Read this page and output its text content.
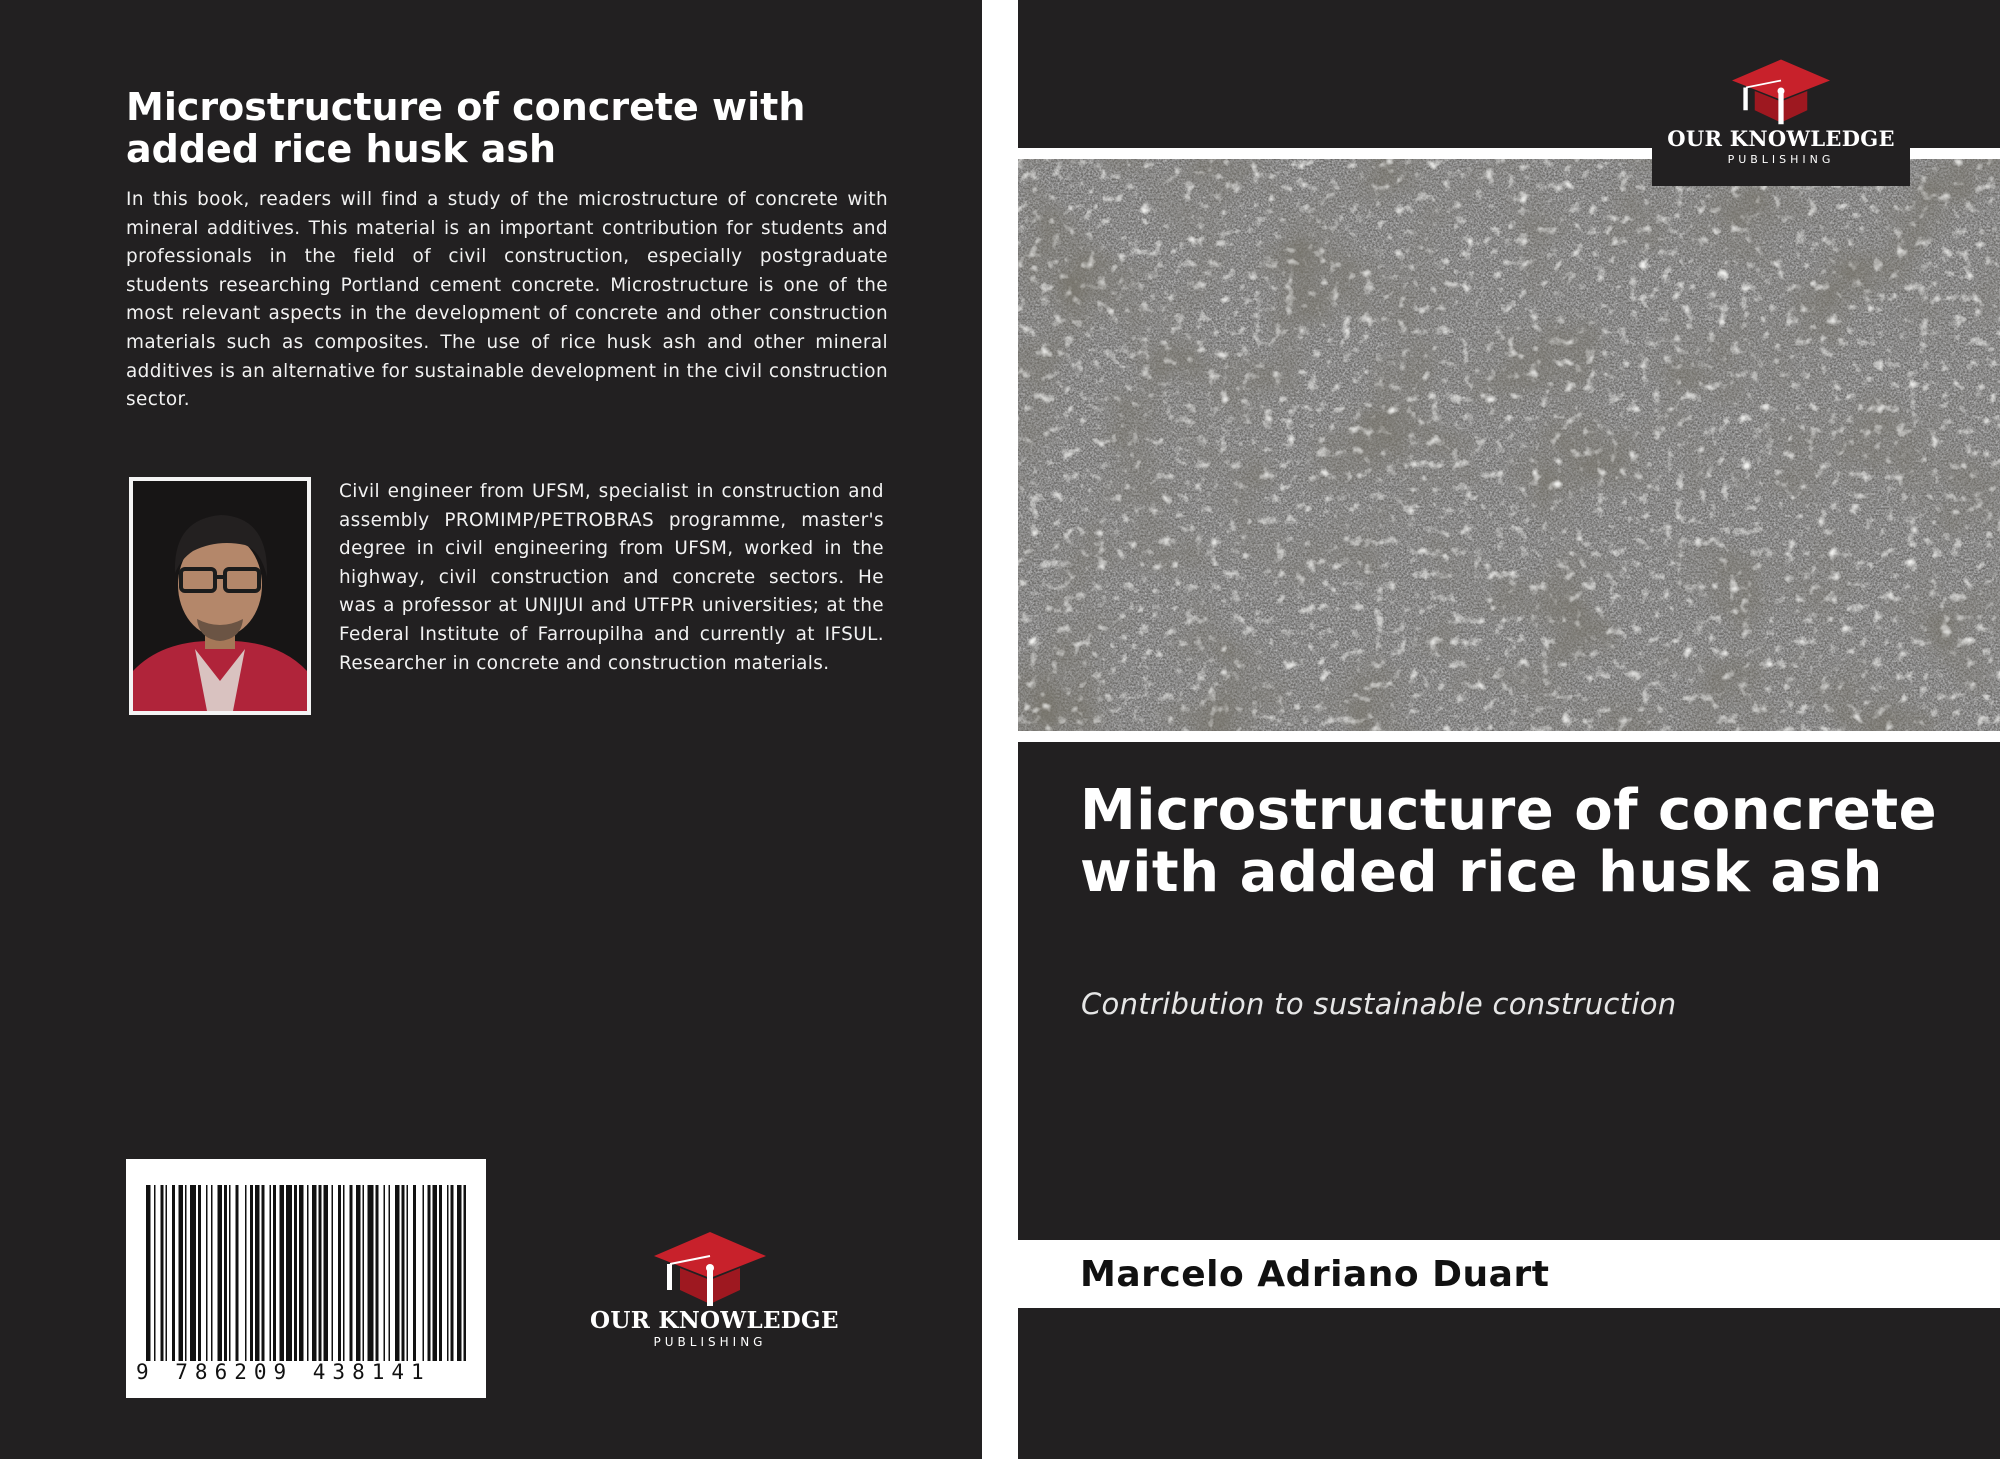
Microstructure of concrete with added rice husk ash

In this book, readers will find a study of the microstructure of concrete with mineral additives. This material is an important contribution for students and professionals in the field of civil construction, especially postgraduate students researching Portland cement concrete. Microstructure is one of the most relevant aspects in the development of concrete and other construction materials such as composites. The use of rice husk ash and other mineral additives is an alternative for sustainable development in the civil construction sector.

Civil engineer from UFSM, specialist in construction and assembly PROMIMP/PETROBRAS programme, master's degree in civil engineering from UFSM, worked in the highway, civil construction and concrete sectors. He was a professor at UNIJUI and UTFPR universities; at the Federal Institute of Farroupilha and currently at IFSUL. Researcher in concrete and construction materials.

9 786209 438141
OUR KNOWLEDGE
PUBLISHING
OUR KNOWLEDGE
PUBLISHING
Microstructure of concrete with added rice husk ash

Contribution to sustainable construction

Marcelo Adriano Duart
